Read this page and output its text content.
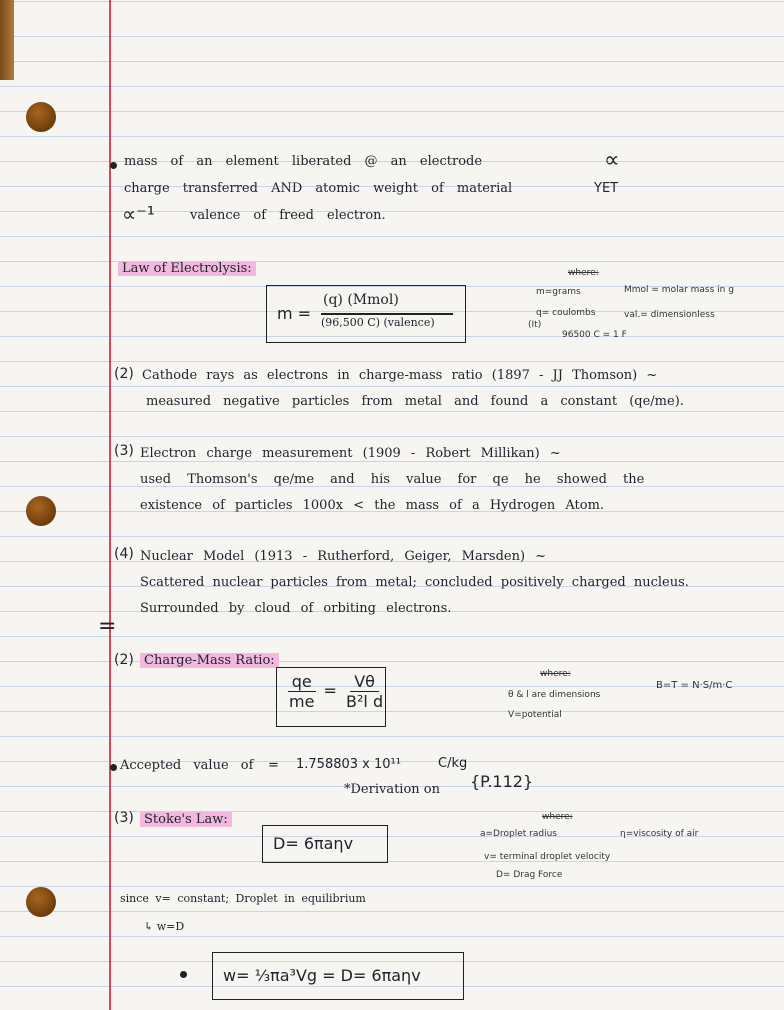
mass of an element liberated @ an electrode	∝
charge transferred AND atomic weight of material	YET
∝⁻¹	valence of freed electron.
Law of Electrolysis:
m =
(q) (Mmol)
(96,500 C) (valence)
where:
m=grams	Mmol = molar mass in g
q= coulombs
(It)
val.= dimensionless
96500 C = 1 F
(2) Cathode rays as electrons in charge-mass ratio (1897 - JJ Thomson) ~
measured negative particles from metal and found a constant (qe/me).
(3) Electron charge measurement (1909 - Robert Millikan) ~
used Thomson's qe/me and his value for qe he showed the
existence of particles 1000x < the mass of a Hydrogen Atom.
(4) Nuclear Model (1913 - Rutherford, Geiger, Marsden) ~
Scattered nuclear particles from metal; concluded positively charged nucleus.
Surrounded by cloud of orbiting electrons.
=
(2) Charge-Mass Ratio:
$\frac{qe}{me} = \frac{V\theta}{\text{B²l d}}$	where:
θ & l are dimensions
V=potential
B=T = N·S/m·C
Accepted value of = 1.758803 x 10¹¹	C/kg
*Derivation on {P.112}
(3) Stoke's Law:
D= 6πaηv
where:
a=Droplet radius	η=viscosity of air
v= terminal droplet velocity
D= Drag Force
since v= constant; Droplet in equilibrium
↳ w=D
w= ⅓πa³Vg = D= 6πaηv
